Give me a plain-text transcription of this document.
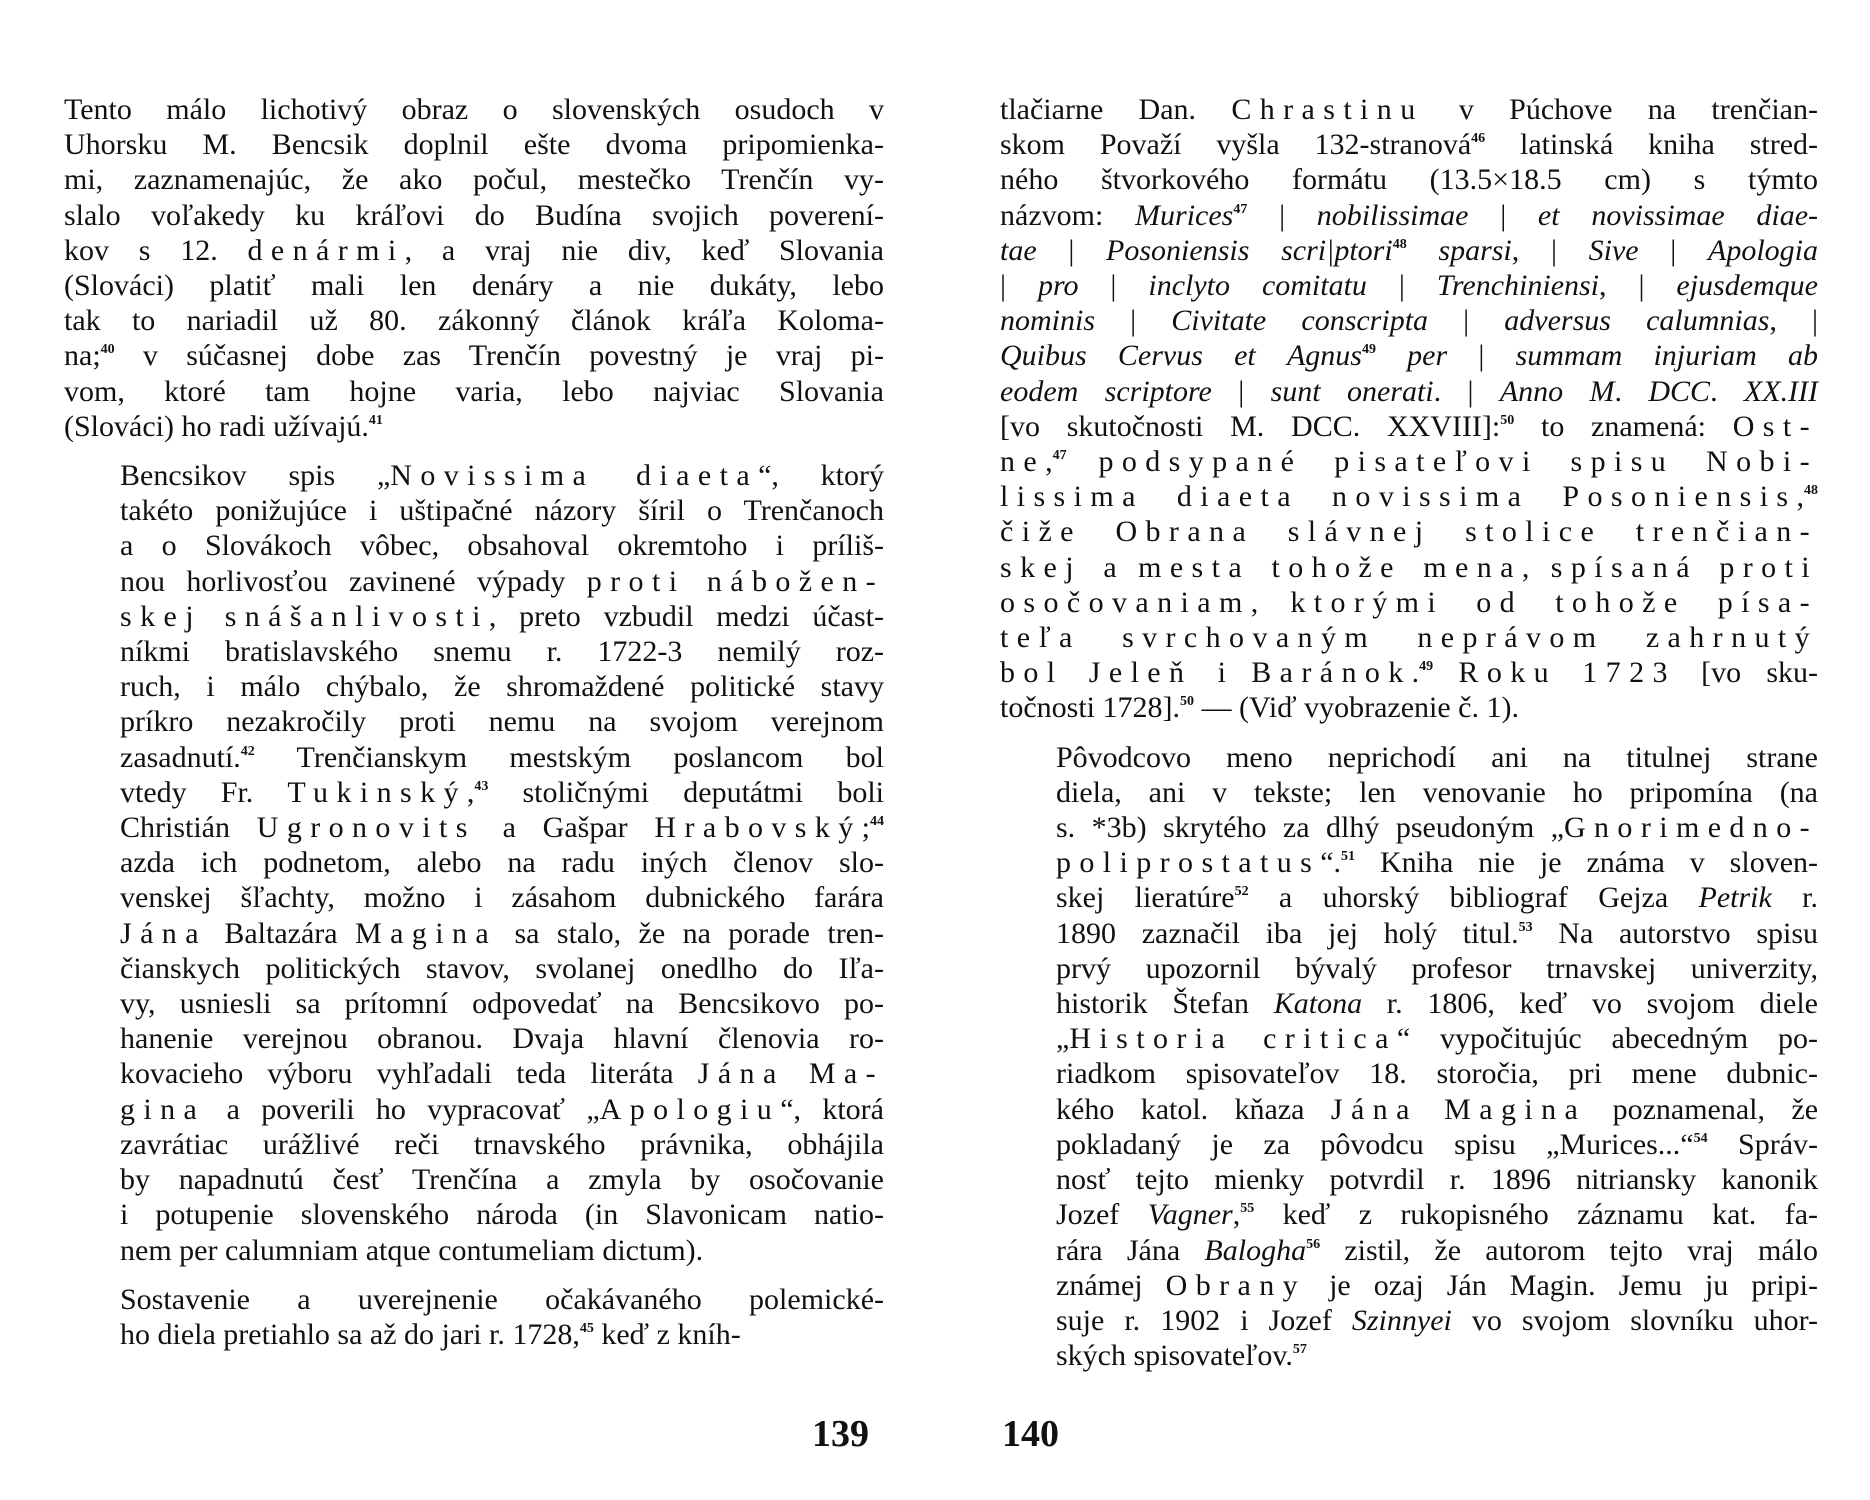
Tento málo lichotivý obraz o slovenských osudoch v
Uhorsku M. Bencsik doplnil ešte dvoma pripomienka-
mi, zaznamenajúc, že ako počul, mestečko Trenčín vy-
slalo voľakedy ku kráľovi do Budína svojich poverení-
kov s 12. denármi, a vraj nie div, keď Slovania
(Slováci) platiť mali len denáry a nie dukáty, lebo
tak to nariadil už 80. zákonný článok kráľa Koloma-
na;$^{40}$ v súčasnej dobe zas Trenčín povestný je vraj pi-
vom, ktoré tam hojne varia, lebo najviac Slovania
(Slováci) ho radi užívajú.$^{41}$

Bencsikov spis „Novissima diaeta“, ktorý
takéto ponižujúce i uštipačné názory šíril o Trenčanoch
a o Slovákoch vôbec, obsahoval okremtoho i príliš-
nou horlivosťou zavinené výpady proti nábožen-
skej snášanlivosti, preto vzbudil medzi účast-
níkmi bratislavského snemu r. 1722-3 nemilý roz-
ruch, i málo chýbalo, že shromaždené politické stavy
príkro nezakročily proti nemu na svojom verejnom
zasadnutí.$^{42}$ Trenčianskym mestským poslancom bol
vtedy Fr. Tukinský,$^{43}$ stoličnými deputátmi boli
Christián Ugronovits a Gašpar Hrabovský;$^{44}$
azda ich podnetom, alebo na radu iných členov slo-
venskej šľachty, možno i zásahom dubnického farára
Jána Baltazára Magina sa stalo, že na porade tren-
čianskych politických stavov, svolanej onedlho do Iľa-
vy, usniesli sa prítomní odpovedať na Bencsikovo po-
hanenie verejnou obranou. Dvaja hlavní členovia ro-
kovacieho výboru vyhľadali teda literáta Jána Ma-
gina a poverili ho vypracovať „Apologiu“, ktorá
zavrátiac urážlivé reči trnavského právnika, obhájila
by napadnutú česť Trenčína a zmyla by osočovanie
i potupenie slovenského národa (in Slavonicam natio-
nem per calumniam atque contumeliam dictum).

Sostavenie a uverejnenie očakávaného polemické-
ho diela pretiahlo sa až do jari r. 1728,45 keď z kníh-

tlačiarne Dan. Chrastinu v Púchove na trenčian-
skom Považí vyšla 132-stranová$^{46}$ latinská kniha stred-
ného štvorkového formátu (13.5×18.5 cm) s týmto
názvom: Murices$^{47}$ | nobilissimae | et novissimae diae-
tae | Posoniensis scri|ptori$^{48}$ sparsi, | Sive | Apologia
| pro | inclyto comitatu | Trenchiniensi, | ejusdemque
nominis | Civitate conscripta | adversus calumnias, |
Quibus Cervus et Agnus$^{49}$ per | summam injuriam ab
eodem scriptore | sunt onerati. | Anno M. DCC. XX.III
[vo skutočnosti M. DCC. XXVIII]:$^{50}$ to znamená: Ost-
ne,$^{47}$ podsypané pisateľovi spisu Nobi-
lissima diaeta novissima Posoniensis,$^{48}$
čiže Obrana slávnej stolice trenčian-
skej a mesta tohože mena, spísaná proti
osočovaniam, ktorými od tohože písa-
teľa svrchovaným neprávom zahrnutý
bol Jeleň i Baránok.$^{49}$ Roku 1723 [vo sku-
točnosti 1728].$^{50}$ — (Viď vyobrazenie č. 1).

Pôvodcovo meno neprichodí ani na titulnej strane
diela, ani v tekste; len venovanie ho pripomína (na
s. *3b) skrytého za dlhý pseudoným „Gnorimedno-
poliprostatus“.$^{51}$ Kniha nie je známa v sloven-
skej lieratúre$^{52}$ a uhorský bibliograf Gejza Petrik r.
1890 zaznačil iba jej holý titul.$^{53}$ Na autorstvo spisu
prvý upozornil bývalý profesor trnavskej univerzity,
historik Štefan Katona r. 1806, keď vo svojom diele
„Historia critica“ vypočitujúc abecedným po-
riadkom spisovateľov 18. storočia, pri mene dubnic-
kého katol. kňaza Jána Magina poznamenal, že
pokladaný je za pôvodcu spisu „Murices...“$^{54}$ Správ-
nosť tejto mienky potvrdil r. 1896 nitriansky kanonik
Jozef Vagner,$^{55}$ keď z rukopisného záznamu kat. fa-
rára Jána Balogha$^{56}$ zistil, že autorom tejto vraj málo
známej Obrany je ozaj Ján Magin. Jemu ju pripi-
suje r. 1902 i Jozef Szinnyei vo svojom slovníku uhor-
ských spisovateľov.$^{57}$

139	140
